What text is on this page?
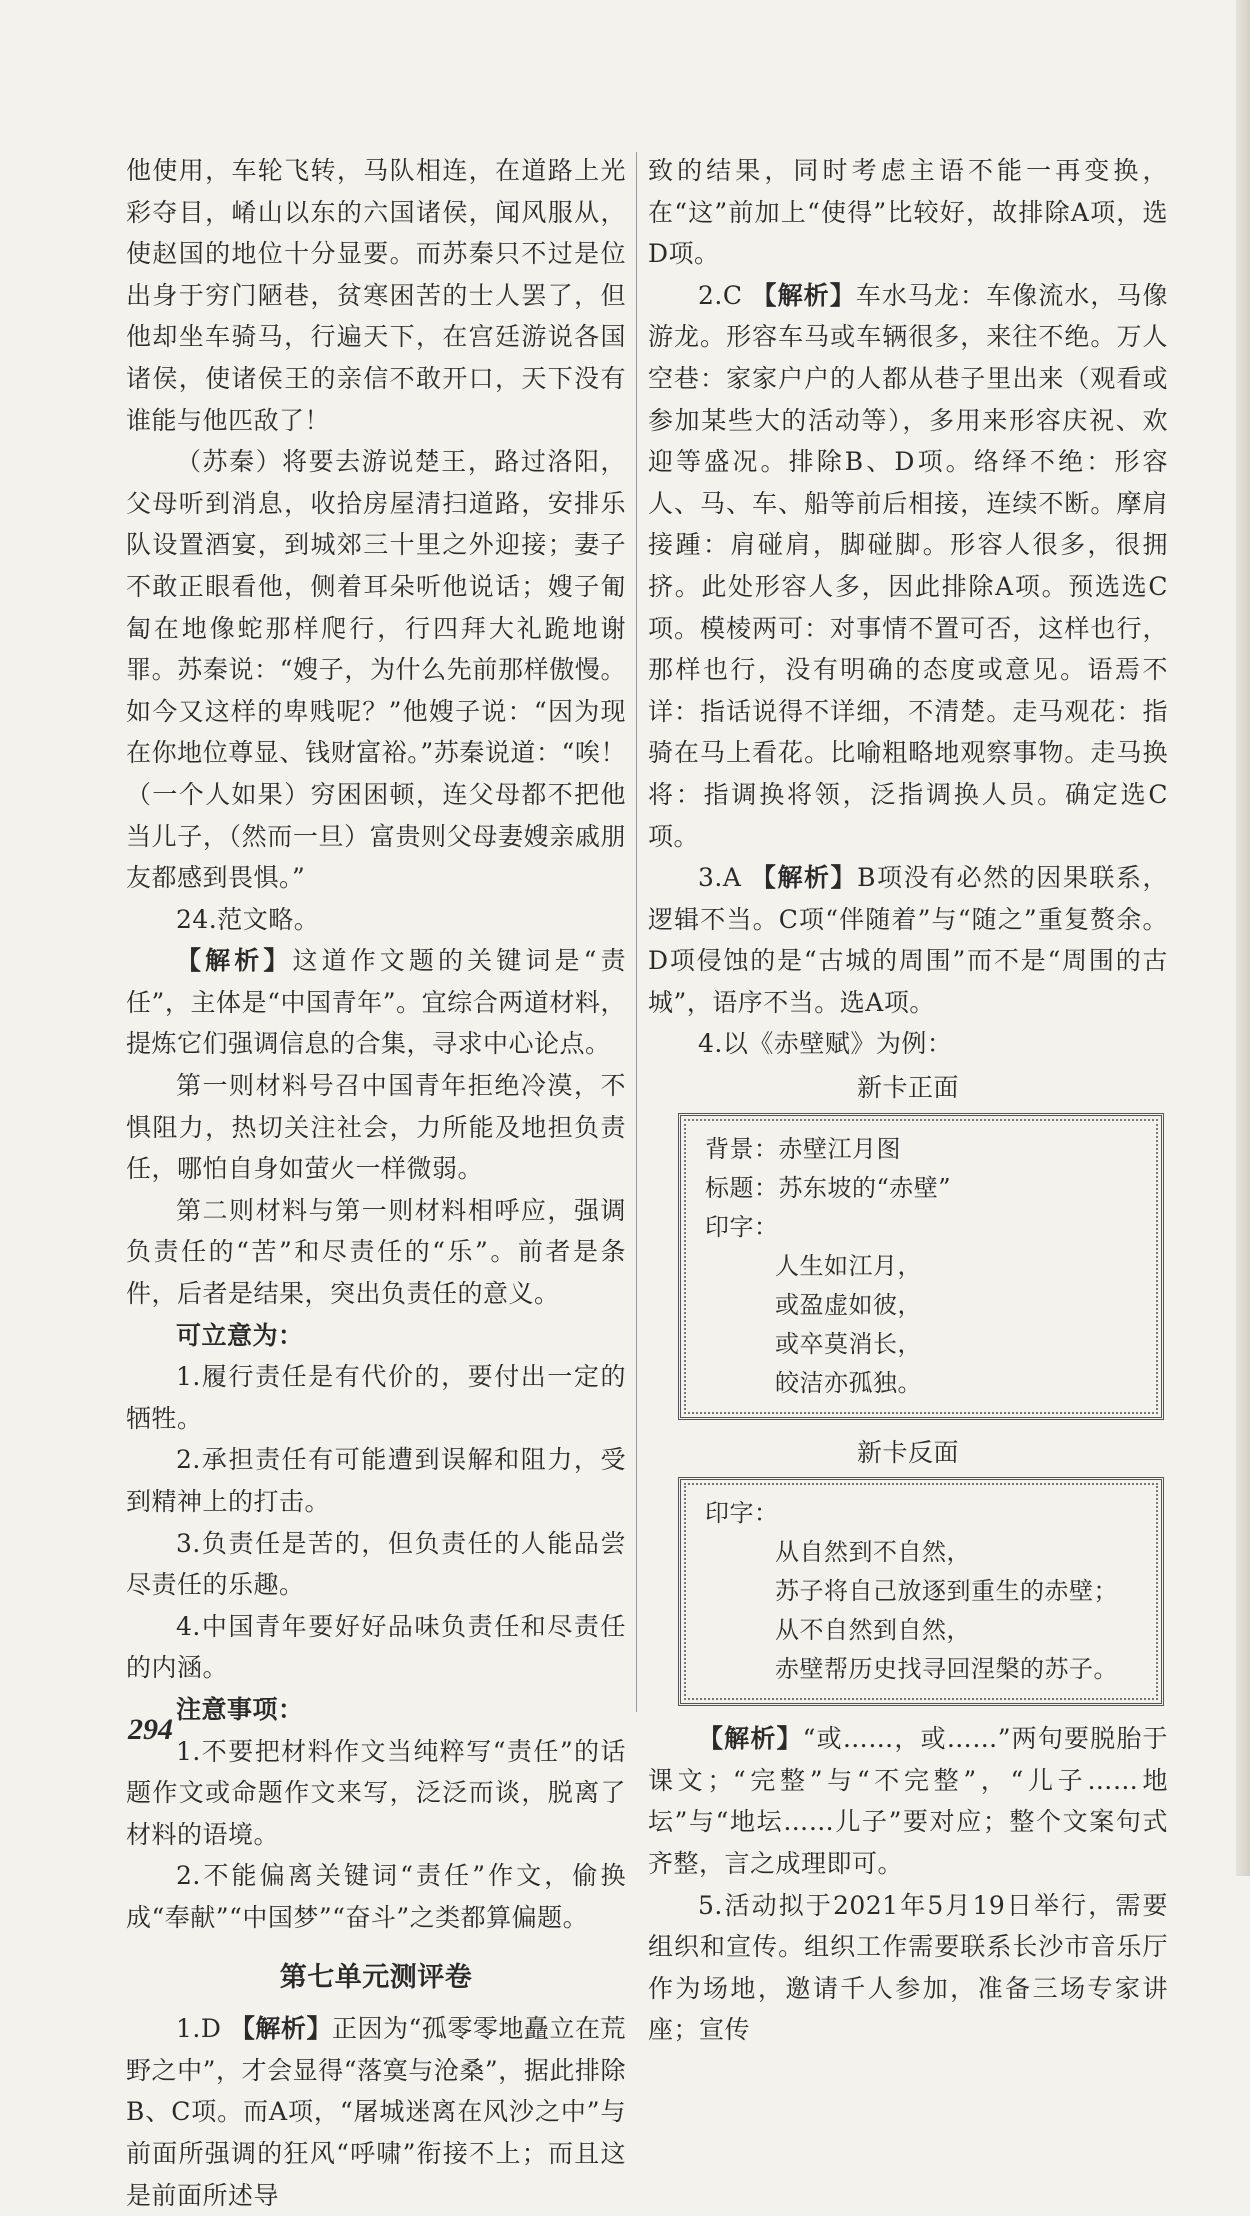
他使用，车轮飞转，马队相连，在道路上光彩夺目，崤山以东的六国诸侯，闻风服从，使赵国的地位十分显要。而苏秦只不过是位出身于穷门陋巷，贫寒困苦的士人罢了，但他却坐车骑马，行遍天下，在宫廷游说各国诸侯，使诸侯王的亲信不敢开口，天下没有谁能与他匹敌了！

（苏秦）将要去游说楚王，路过洛阳，父母听到消息，收拾房屋清扫道路，安排乐队设置酒宴，到城郊三十里之外迎接；妻子不敢正眼看他，侧着耳朵听他说话；嫂子匍匐在地像蛇那样爬行，行四拜大礼跪地谢罪。苏秦说：“嫂子，为什么先前那样傲慢。如今又这样的卑贱呢？”他嫂子说：“因为现在你地位尊显、钱财富裕。”苏秦说道：“唉！（一个人如果）穷困困顿，连父母都不把他当儿子，（然而一旦）富贵则父母妻嫂亲戚朋友都感到畏惧。”

24.范文略。

【解析】这道作文题的关键词是“责任”，主体是“中国青年”。宜综合两道材料，提炼它们强调信息的合集，寻求中心论点。

第一则材料号召中国青年拒绝冷漠，不惧阻力，热切关注社会，力所能及地担负责任，哪怕自身如萤火一样微弱。

第二则材料与第一则材料相呼应，强调负责任的“苦”和尽责任的“乐”。前者是条件，后者是结果，突出负责任的意义。

可立意为：

1.履行责任是有代价的，要付出一定的牺牲。

2.承担责任有可能遭到误解和阻力，受到精神上的打击。

3.负责任是苦的，但负责任的人能品尝尽责任的乐趣。

4.中国青年要好好品味负责任和尽责任的内涵。

注意事项：

1.不要把材料作文当纯粹写“责任”的话题作文或命题作文来写，泛泛而谈，脱离了材料的语境。

2.不能偏离关键词“责任”作文，偷换成“奉献”“中国梦”“奋斗”之类都算偏题。

第七单元测评卷

1.D 【解析】正因为“孤零零地矗立在荒野之中”，才会显得“落寞与沧桑”，据此排除B、C项。而A项，“屠城迷离在风沙之中”与前面所强调的狂风“呼啸”衔接不上；而且这是前面所述导

致的结果，同时考虑主语不能一再变换，在“这”前加上“使得”比较好，故排除A项，选D项。

2.C 【解析】车水马龙：车像流水，马像游龙。形容车马或车辆很多，来往不绝。万人空巷：家家户户的人都从巷子里出来（观看或参加某些大的活动等），多用来形容庆祝、欢迎等盛况。排除B、D项。络绎不绝：形容人、马、车、船等前后相接，连续不断。摩肩接踵：肩碰肩，脚碰脚。形容人很多，很拥挤。此处形容人多，因此排除A项。预选选C项。模棱两可：对事情不置可否，这样也行，那样也行，没有明确的态度或意见。语焉不详：指话说得不详细，不清楚。走马观花：指骑在马上看花。比喻粗略地观察事物。走马换将：指调换将领，泛指调换人员。确定选C项。

3.A 【解析】B项没有必然的因果联系，逻辑不当。C项“伴随着”与“随之”重复赘余。D项侵蚀的是“古城的周围”而不是“周围的古城”，语序不当。选A项。

4.以《赤壁赋》为例：

新卡正面

背景：赤壁江月图

标题：苏东坡的“赤壁”

印字：

人生如江月，

或盈虚如彼，

或卒莫消长，

皎洁亦孤独。

新卡反面

印字：

从自然到不自然，

苏子将自己放逐到重生的赤壁；

从不自然到自然，

赤壁帮历史找寻回涅槃的苏子。

【解析】“或……，或……”两句要脱胎于课文；“完整”与“不完整”，“儿子……地坛”与“地坛……儿子”要对应；整个文案句式齐整，言之成理即可。

5.活动拟于2021年5月19日举行，需要组织和宣传。组织工作需要联系长沙市音乐厅作为场地，邀请千人参加，准备三场专家讲座；宣传

294
